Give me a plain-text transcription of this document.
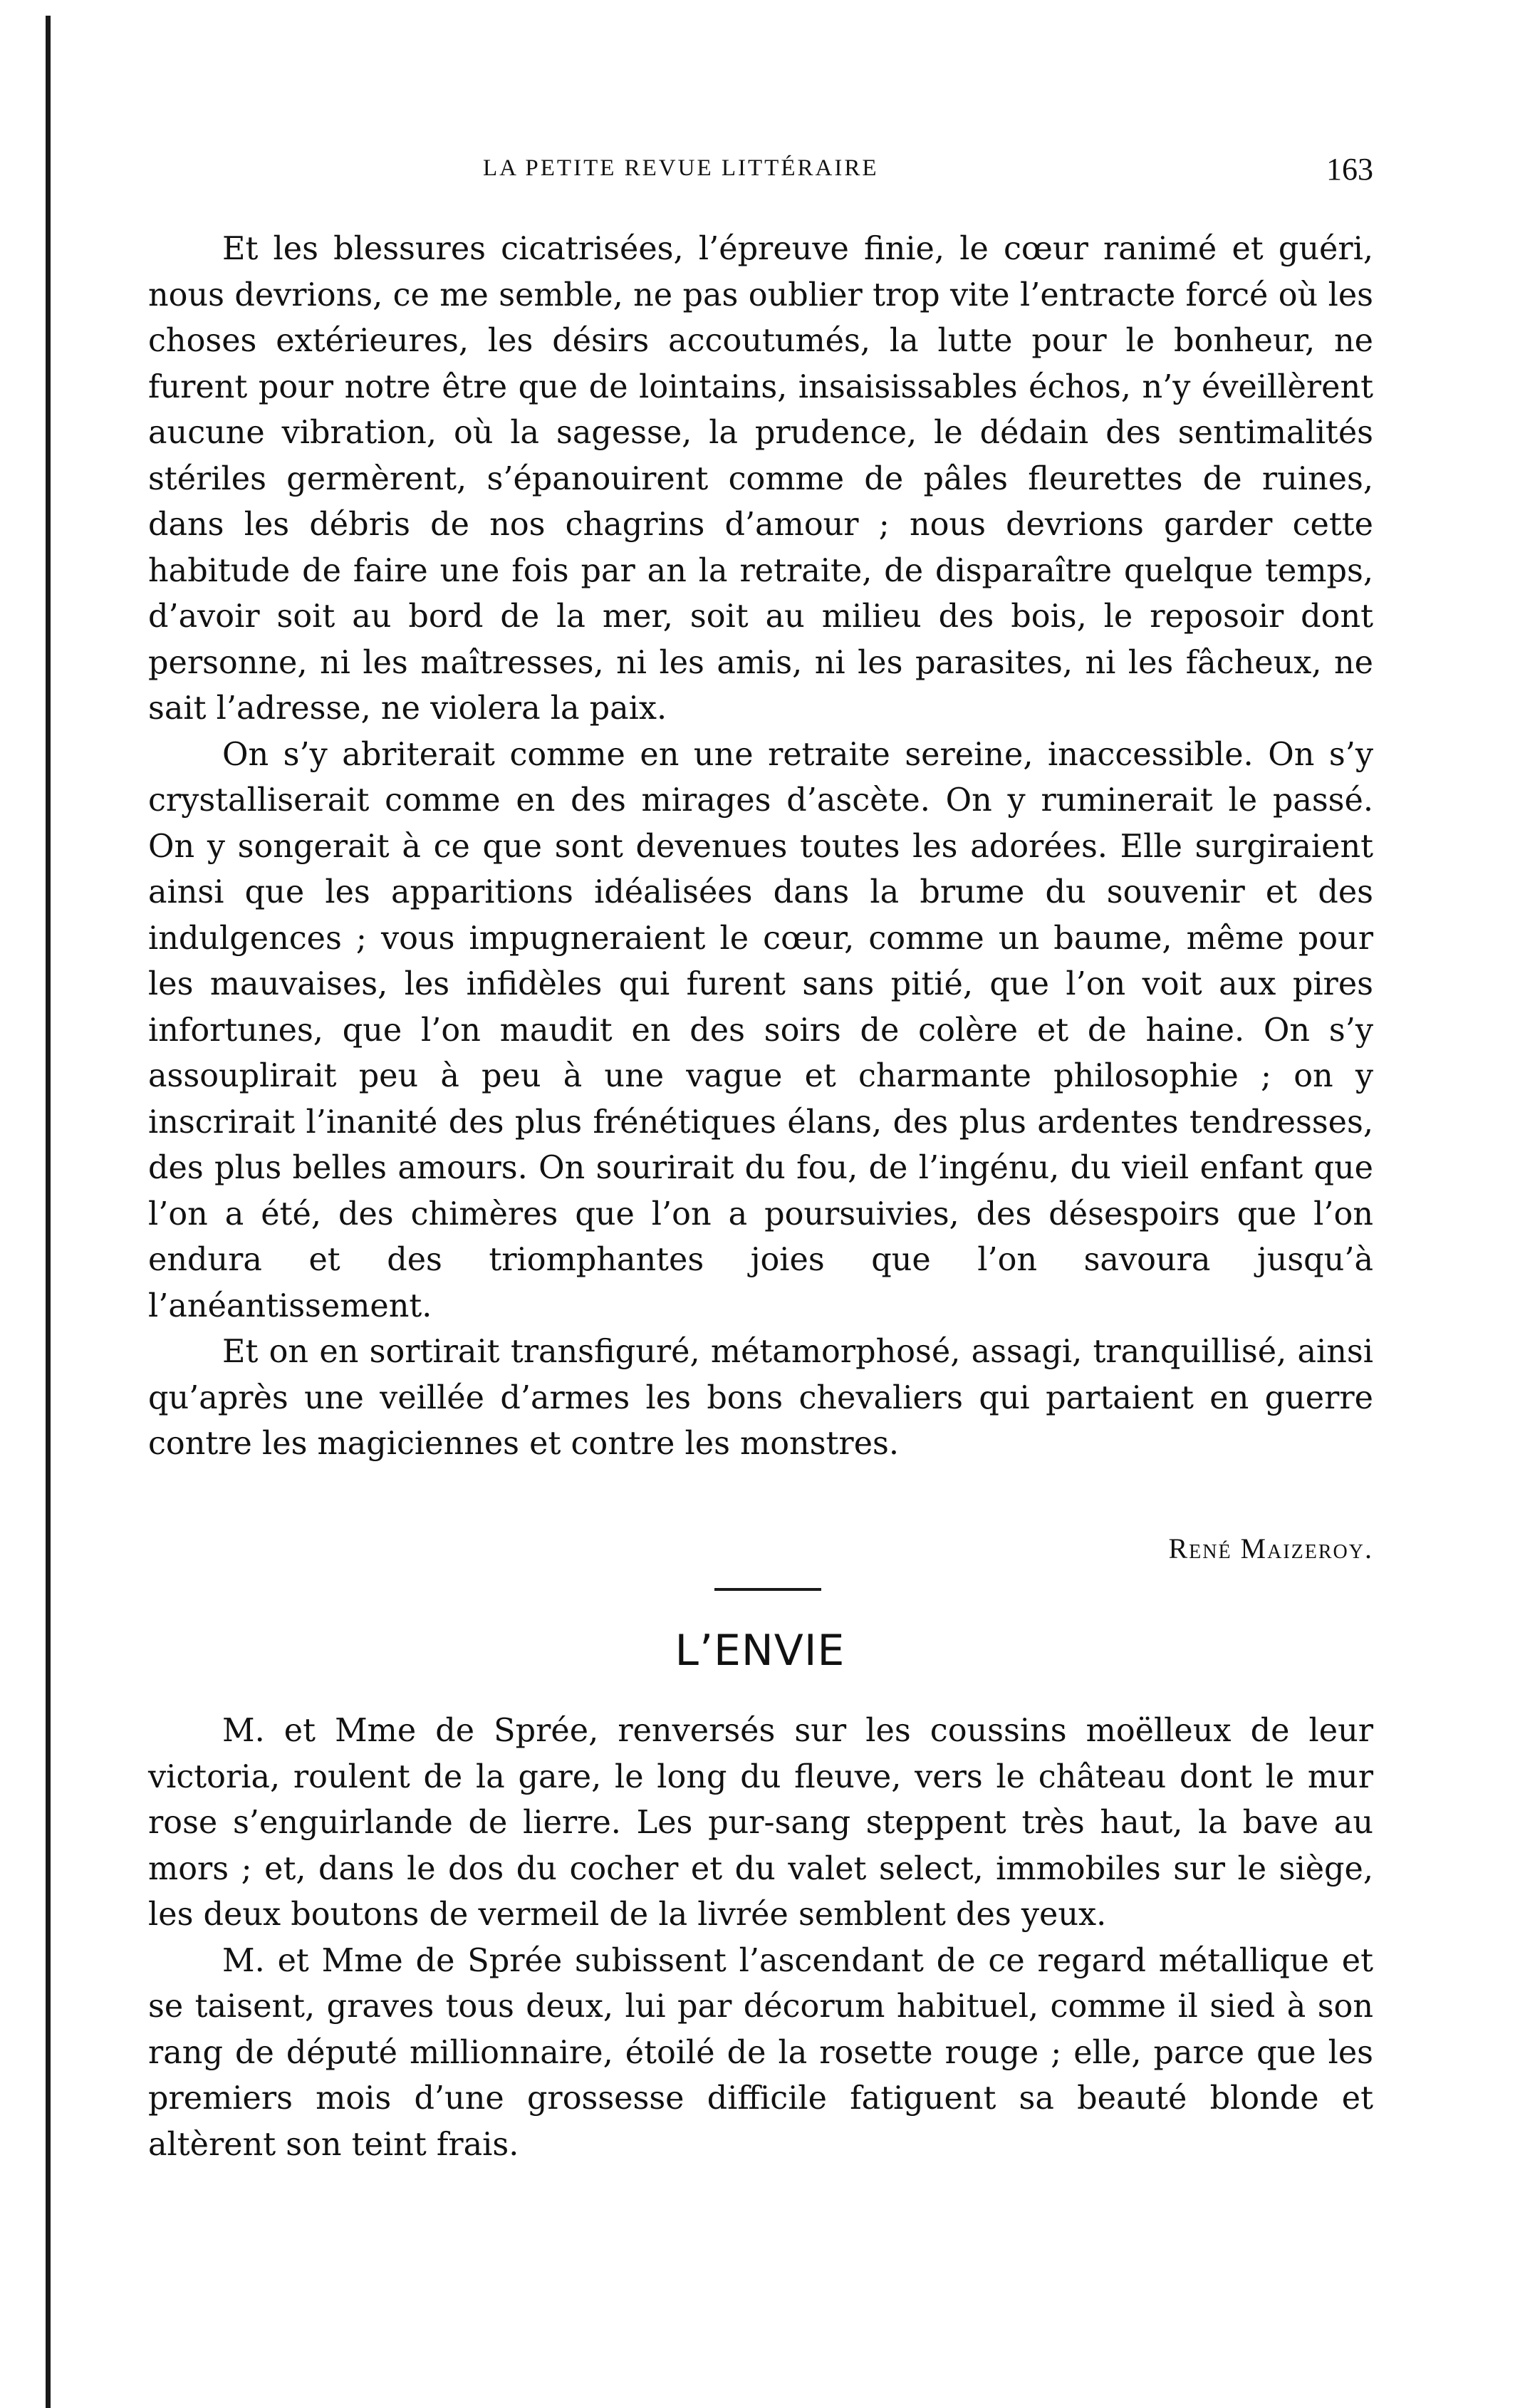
LA PETITE REVUE LITTÉRAIRE	163

Et les blessures cicatrisées, l’épreuve finie, le cœur ranimé et guéri, nous devrions, ce me semble, ne pas oublier trop vite l’entracte forcé où les choses extérieures, les désirs accoutumés, la lutte pour le bonheur, ne furent pour notre être que de lointains, insaisissables échos, n’y éveillèrent aucune vibration, où la sagesse, la prudence, le dédain des sentimalités stériles germèrent, s’épanouirent comme de pâles fleurettes de ruines, dans les débris de nos chagrins d’amour ; nous devrions garder cette habitude de faire une fois par an la retraite, de disparaître quelque temps, d’avoir soit au bord de la mer, soit au milieu des bois, le reposoir dont personne, ni les maîtresses, ni les amis, ni les parasites, ni les fâcheux, ne sait l’adresse, ne violera la paix.

On s’y abriterait comme en une retraite sereine, inaccessible. On s’y crystalliserait comme en des mirages d’ascète. On y ruminerait le passé. On y songerait à ce que sont devenues toutes les adorées. Elle surgiraient ainsi que les apparitions idéalisées dans la brume du souvenir et des indulgences ; vous impugneraient le cœur, comme un baume, même pour les mauvaises, les infidèles qui furent sans pitié, que l’on voit aux pires infortunes, que l’on maudit en des soirs de colère et de haine. On s’y assouplirait peu à peu à une vague et charmante philosophie ; on y inscrirait l’inanité des plus frénétiques élans, des plus ardentes tendresses, des plus belles amours. On sourirait du fou, de l’ingénu, du vieil enfant que l’on a été, des chimères que l’on a poursuivies, des désespoirs que l’on endura et des triomphantes joies que l’on savoura jusqu’à l’anéantissement.

Et on en sortirait transfiguré, métamorphosé, assagi, tranquillisé, ainsi qu’après une veillée d’armes les bons chevaliers qui partaient en guerre contre les magiciennes et contre les monstres.

René Maizeroy.
L’ENVIE

M. et Mme de Sprée, renversés sur les coussins moëlleux de leur victoria, roulent de la gare, le long du fleuve, vers le château dont le mur rose s’enguirlande de lierre. Les pur-sang steppent très haut, la bave au mors ; et, dans le dos du cocher et du valet select, immobiles sur le siège, les deux boutons de vermeil de la livrée semblent des yeux.

M. et Mme de Sprée subissent l’ascendant de ce regard métallique et se taisent, graves tous deux, lui par décorum habituel, comme il sied à son rang de député millionnaire, étoilé de la rosette rouge ; elle, parce que les premiers mois d’une grossesse difficile fatiguent sa beauté blonde et altèrent son teint frais.
